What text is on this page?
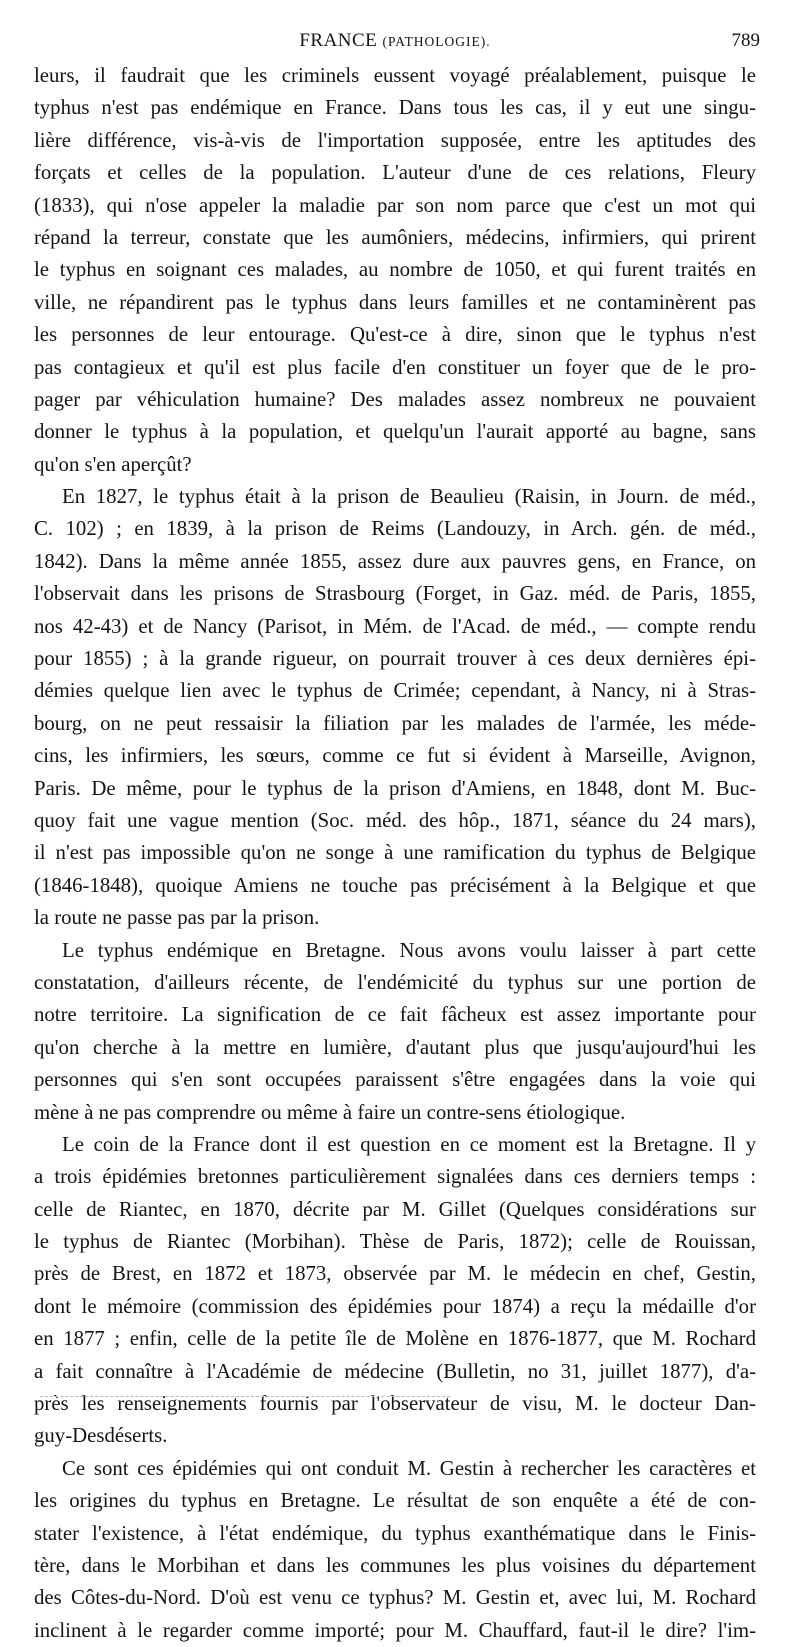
FRANCE (PATHOLOGIE).	789
leurs, il faudrait que les criminels eussent voyagé préalablement, puisque le
typhus n'est pas endémique en France. Dans tous les cas, il y eut une singu-
lière différence, vis-à-vis de l'importation supposée, entre les aptitudes des
forçats et celles de la population. L'auteur d'une de ces relations, Fleury
(1833), qui n'ose appeler la maladie par son nom parce que c'est un mot qui
répand la terreur, constate que les aumôniers, médecins, infirmiers, qui prirent
le typhus en soignant ces malades, au nombre de 1050, et qui furent traités en
ville, ne répandirent pas le typhus dans leurs familles et ne contaminèrent pas
les personnes de leur entourage. Qu'est-ce à dire, sinon que le typhus n'est
pas contagieux et qu'il est plus facile d'en constituer un foyer que de le pro-
pager par véhiculation humaine? Des malades assez nombreux ne pouvaient
donner le typhus à la population, et quelqu'un l'aurait apporté au bagne, sans
qu'on s'en aperçût?
En 1827, le typhus était à la prison de Beaulieu (Raisin, in Journ. de méd.,
C. 102) ; en 1839, à la prison de Reims (Landouzy, in Arch. gén. de méd.,
1842). Dans la même année 1855, assez dure aux pauvres gens, en France, on
l'observait dans les prisons de Strasbourg (Forget, in Gaz. méd. de Paris, 1855,
nos 42-43) et de Nancy (Parisot, in Mém. de l'Acad. de méd., — compte rendu
pour 1855) ; à la grande rigueur, on pourrait trouver à ces deux dernières épi-
démies quelque lien avec le typhus de Crimée; cependant, à Nancy, ni à Stras-
bourg, on ne peut ressaisir la filiation par les malades de l'armée, les méde-
cins, les infirmiers, les sœurs, comme ce fut si évident à Marseille, Avignon,
Paris. De même, pour le typhus de la prison d'Amiens, en 1848, dont M. Buc-
quoy fait une vague mention (Soc. méd. des hôp., 1871, séance du 24 mars),
il n'est pas impossible qu'on ne songe à une ramification du typhus de Belgique
(1846-1848), quoique Amiens ne touche pas précisément à la Belgique et que
la route ne passe pas par la prison.
Le typhus endémique en Bretagne. Nous avons voulu laisser à part cette
constatation, d'ailleurs récente, de l'endémicité du typhus sur une portion de
notre territoire. La signification de ce fait fâcheux est assez importante pour
qu'on cherche à la mettre en lumière, d'autant plus que jusqu'aujourd'hui les
personnes qui s'en sont occupées paraissent s'être engagées dans la voie qui
mène à ne pas comprendre ou même à faire un contre-sens étiologique.
Le coin de la France dont il est question en ce moment est la Bretagne. Il y
a trois épidémies bretonnes particulièrement signalées dans ces derniers temps :
celle de Riantec, en 1870, décrite par M. Gillet (Quelques considérations sur
le typhus de Riantec (Morbihan). Thèse de Paris, 1872); celle de Rouissan,
près de Brest, en 1872 et 1873, observée par M. le médecin en chef, Gestin,
dont le mémoire (commission des épidémies pour 1874) a reçu la médaille d'or
en 1877 ; enfin, celle de la petite île de Molène en 1876-1877, que M. Rochard
a fait connaître à l'Académie de médecine (Bulletin, no 31, juillet 1877), d'a-
près les renseignements fournis par l'observateur de visu, M. le docteur Dan-
guy-Desdéserts.
Ce sont ces épidémies qui ont conduit M. Gestin à rechercher les caractères et
les origines du typhus en Bretagne. Le résultat de son enquête a été de con-
stater l'existence, à l'état endémique, du typhus exanthématique dans le Finis-
tère, dans le Morbihan et dans les communes les plus voisines du département
des Côtes-du-Nord. D'où est venu ce typhus? M. Gestin et, avec lui, M. Rochard
inclinent à le regarder comme importé; pour M. Chauffard, faut-il le dire? l'im-
